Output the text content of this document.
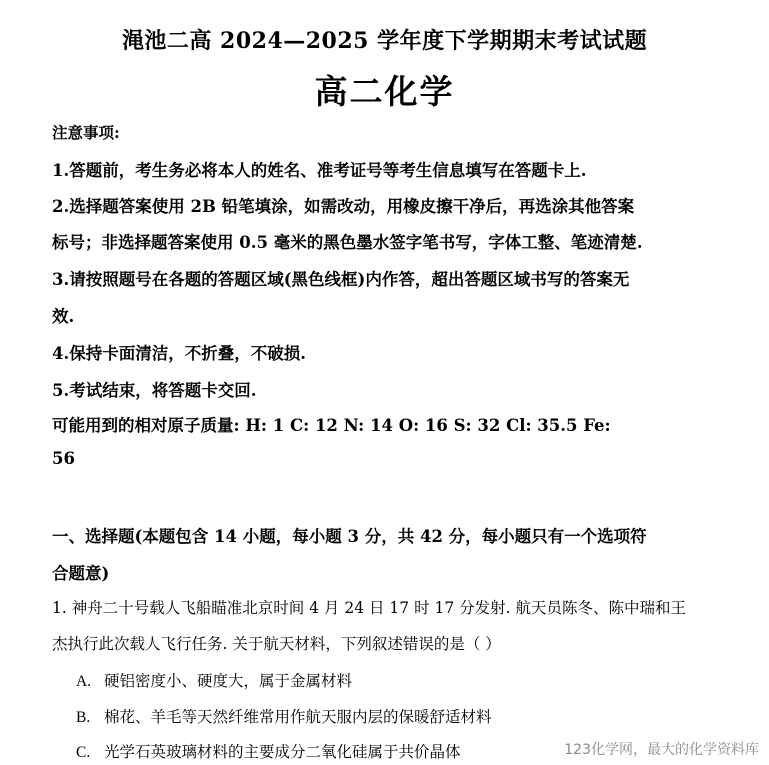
渑池二高 2024—2025 学年度下学期期末考试试题
高二化学
注意事项:
1.答题前，考生务必将本人的姓名、准考证号等考生信息填写在答题卡上.
2.选择题答案使用 2B 铅笔填涂，如需改动，用橡皮擦干净后，再选涂其他答案
标号；非选择题答案使用 0.5 毫米的黑色墨水签字笔书写，字体工整、笔迹清楚.
3.请按照题号在各题的答题区域(黑色线框)内作答，超出答题区域书写的答案无
效.
4.保持卡面清洁，不折叠，不破损.
5.考试结束，将答题卡交回.
可能用到的相对原子质量: H: 1 C: 12 N: 14 O: 16 S: 32 Cl: 35.5 Fe:
56
一、选择题(本题包含 14 小题，每小题 3 分，共 42 分，每小题只有一个选项符
合题意)
1. 神舟二十号载人飞船瞄准北京时间 4 月 24 日 17 时 17 分发射. 航天员陈冬、陈中瑞和王
杰执行此次载人飞行任务. 关于航天材料，下列叙述错误的是（ ）
A. 硬铝密度小、硬度大，属于金属材料
B. 棉花、羊毛等天然纤维常用作航天服内层的保暖舒适材料
C. 光学石英玻璃材料的主要成分二氧化硅属于共价晶体	123化学网，最大的化学资料库
